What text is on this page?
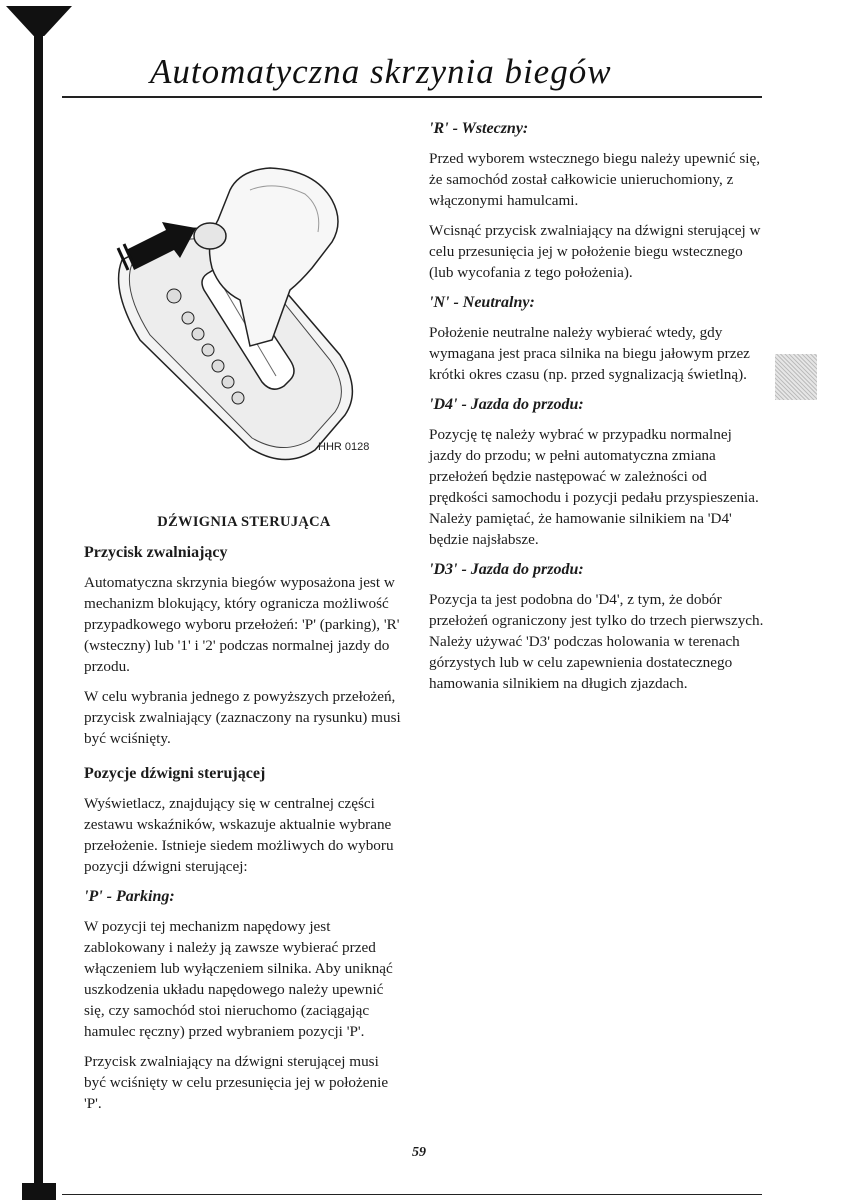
Automatyczna skrzynia biegów
HHR 0128

DŹWIGNIA STERUJĄCA

Przycisk zwalniający

Automatyczna skrzynia biegów wyposażona jest w mechanizm blokujący, który ogranicza możliwość przypadkowego wyboru przełożeń: 'P' (parking), 'R' (wsteczny) lub '1' i '2' podczas normalnej jazdy do przodu.

W celu wybrania jednego z powyższych przełożeń, przycisk zwalniający (zaznaczony na rysunku) musi być wciśnięty.

Pozycje dźwigni sterującej

Wyświetlacz, znajdujący się w centralnej części zestawu wskaźników, wskazuje aktualnie wybrane przełożenie. Istnieje siedem możliwych do wyboru pozycji dźwigni sterującej:

'P' - Parking:

W pozycji tej mechanizm napędowy jest zablokowany i należy ją zawsze wybierać przed włączeniem lub wyłączeniem silnika. Aby uniknąć uszkodzenia układu napędowego należy upewnić się, czy samochód stoi nieruchomo (zaciągając hamulec ręczny) przed wybraniem pozycji 'P'.

Przycisk zwalniający na dźwigni sterującej musi być wciśnięty w celu przesunięcia jej w położenie 'P'.

'R' - Wsteczny:

Przed wyborem wstecznego biegu należy upewnić się, że samochód został całkowicie unieruchomiony, z włączonymi hamulcami.

Wcisnąć przycisk zwalniający na dźwigni sterującej w celu przesunięcia jej w położenie biegu wstecznego (lub wycofania z tego położenia).

'N' - Neutralny:

Położenie neutralne należy wybierać wtedy, gdy wymagana jest praca silnika na biegu jałowym przez krótki okres czasu (np. przed sygnalizacją świetlną).

'D4' - Jazda do przodu:

Pozycję tę należy wybrać w przypadku normalnej jazdy do przodu; w pełni automatyczna zmiana przełożeń będzie następować w zależności od prędkości samochodu i pozycji pedału przyspieszenia. Należy pamiętać, że hamowanie silnikiem na 'D4' będzie najsłabsze.

'D3' - Jazda do przodu:

Pozycja ta jest podobna do 'D4', z tym, że dobór przełożeń ograniczony jest tylko do trzech pierwszych. Należy używać 'D3' podczas holowania w terenach górzystych lub w celu zapewnienia dostatecznego hamowania silnikiem na długich zjazdach.

59
